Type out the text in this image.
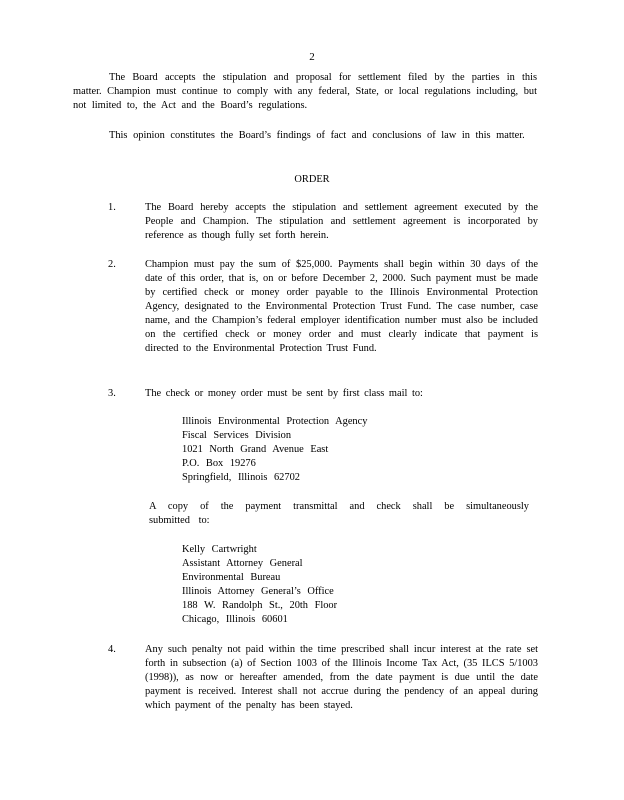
2
The Board accepts the stipulation and proposal for settlement filed by the parties in this matter. Champion must continue to comply with any federal, State, or local regulations including, but not limited to, the Act and the Board’s regulations.
This opinion constitutes the Board’s findings of fact and conclusions of law in this matter.
ORDER
1.	The Board hereby accepts the stipulation and settlement agreement executed by the People and Champion. The stipulation and settlement agreement is incorporated by reference as though fully set forth herein.
2.	Champion must pay the sum of $25,000. Payments shall begin within 30 days of the date of this order, that is, on or before December 2, 2000. Such payment must be made by certified check or money order payable to the Illinois Environmental Protection Agency, designated to the Environmental Protection Trust Fund. The case number, case name, and the Champion’s federal employer identification number must also be included on the certified check or money order and must clearly indicate that payment is directed to the Environmental Protection Trust Fund.
3.	The check or money order must be sent by first class mail to:
Illinois Environmental Protection Agency
Fiscal Services Division
1021 North Grand Avenue East
P.O. Box 19276
Springfield, Illinois 62702
A copy of the payment transmittal and check shall be simultaneously submitted to:
Kelly Cartwright
Assistant Attorney General
Environmental Bureau
Illinois Attorney General’s Office
188 W. Randolph St., 20th Floor
Chicago, Illinois 60601
4.	Any such penalty not paid within the time prescribed shall incur interest at the rate set forth in subsection (a) of Section 1003 of the Illinois Income Tax Act, (35 ILCS 5/1003 (1998)), as now or hereafter amended, from the date payment is due until the date payment is received. Interest shall not accrue during the pendency of an appeal during which payment of the penalty has been stayed.
